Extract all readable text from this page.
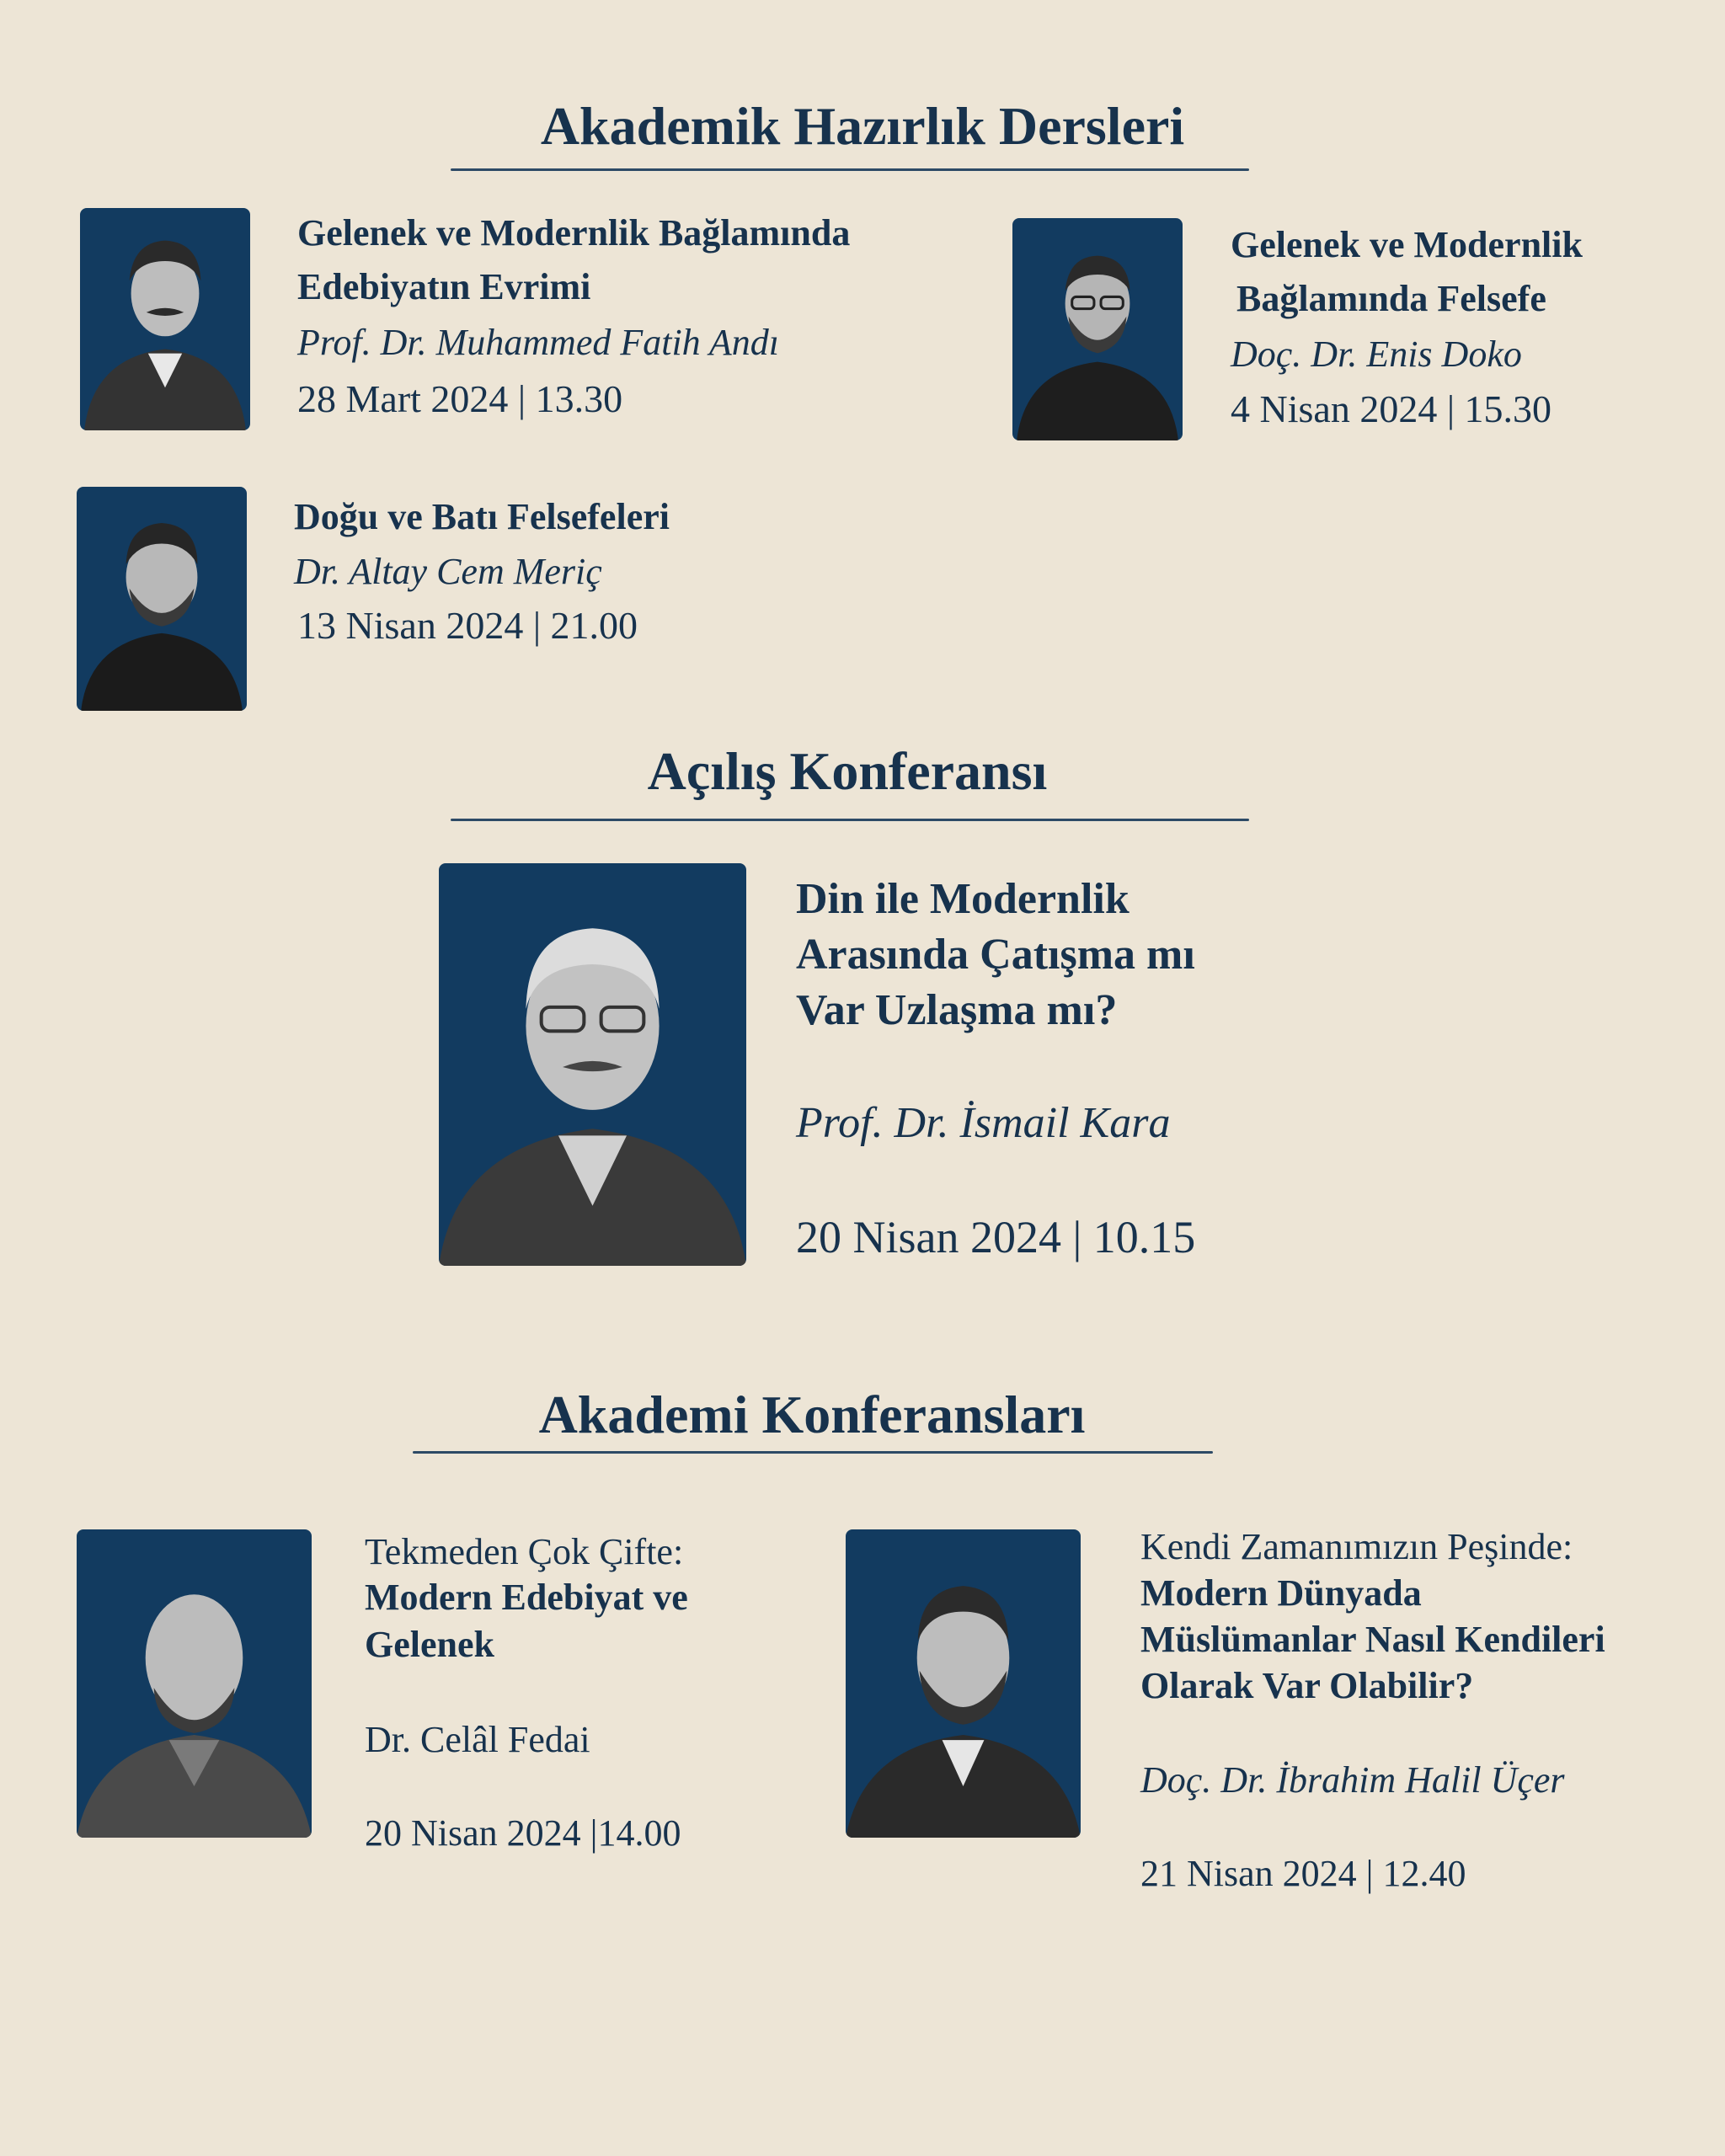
Akademik Hazırlık Dersleri

Gelenek ve Modernlik Bağlamında

Edebiyatın Evrimi

Prof. Dr. Muhammed Fatih Andı

28 Mart 2024 | 13.30

Gelenek ve Modernlik

Bağlamında Felsefe

Doç. Dr. Enis Doko

4 Nisan 2024 | 15.30

Doğu ve Batı Felsefeleri

Dr. Altay Cem Meriç

13 Nisan 2024 | 21.00

Açılış Konferansı

Din ile Modernlik

Arasında Çatışma mı

Var Uzlaşma mı?

Prof. Dr. İsmail Kara

20 Nisan 2024 | 10.15

Akademi Konferansları

Tekmeden Çok Çifte:

Modern Edebiyat ve

Gelenek

Dr. Celâl Fedai

20 Nisan 2024 |14.00

Kendi Zamanımızın Peşinde:

Modern Dünyada

Müslümanlar Nasıl Kendileri

Olarak Var Olabilir?

Doç. Dr. İbrahim Halil Üçer

21 Nisan 2024 | 12.40
